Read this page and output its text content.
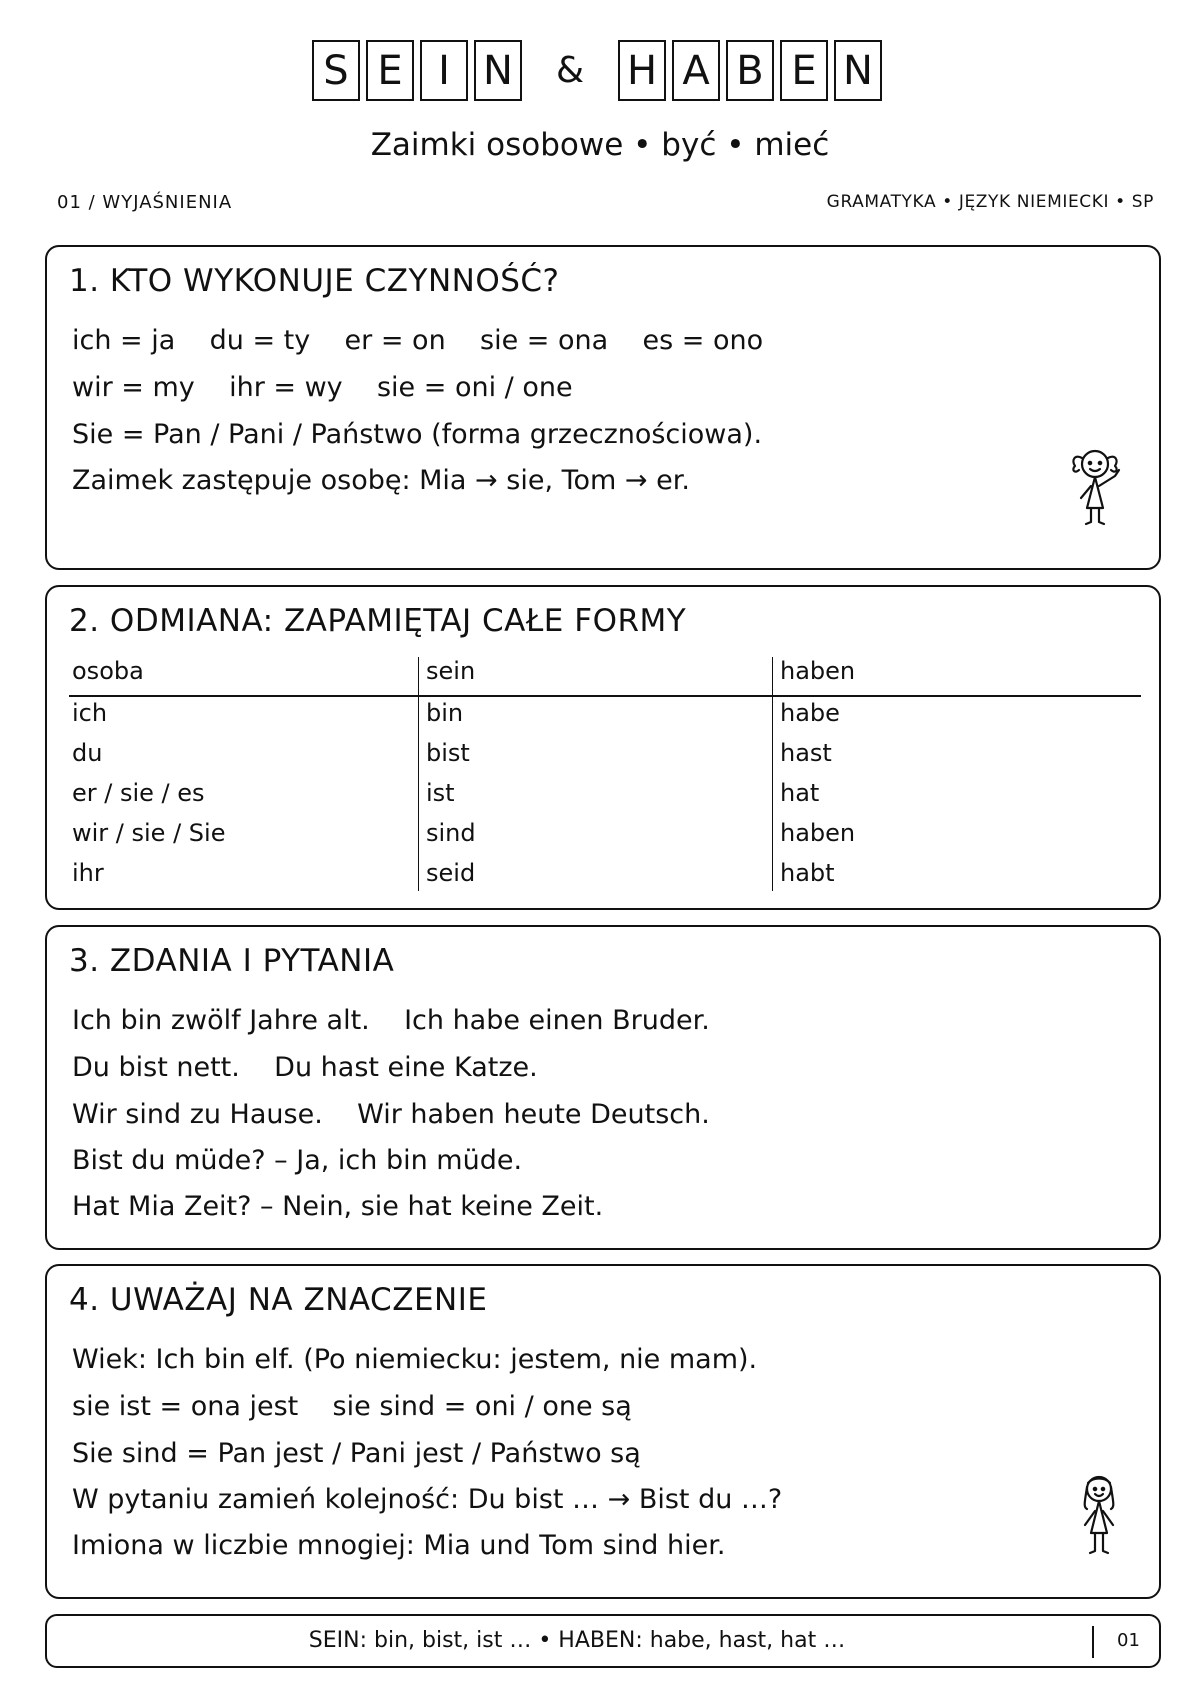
S E I N & H A B E N
Zaimki osobowe • być • mieć
01 / WYJAŚNIENIA	GRAMATYKA • JĘZYK NIEMIECKI • SP
1. KTO WYKONUJE CZYNNOŚĆ?
ich = ja    du = ty    er = on    sie = ona    es = ono
wir = my    ihr = wy    sie = oni / one
Sie = Pan / Pani / Państwo (forma grzecznościowa).
Zaimek zastępuje osobę: Mia → sie, Tom → er.
2. ODMIANA: ZAPAMIĘTAJ CAŁE FORMY
osoba	sein	haben
ich	bin	habe
du	bist	hast
er / sie / es	ist	hat
wir / sie / Sie	sind	haben
ihr	seid	habt
3. ZDANIA I PYTANIA
Ich bin zwölf Jahre alt.    Ich habe einen Bruder.
Du bist nett.    Du hast eine Katze.
Wir sind zu Hause.    Wir haben heute Deutsch.
Bist du müde? – Ja, ich bin müde.
Hat Mia Zeit? – Nein, sie hat keine Zeit.
4. UWAŻAJ NA ZNACZENIE
Wiek: Ich bin elf. (Po niemiecku: jestem, nie mam).
sie ist = ona jest    sie sind = oni / one są
Sie sind = Pan jest / Pani jest / Państwo są
W pytaniu zamień kolejność: Du bist … → Bist du …?
Imiona w liczbie mnogiej: Mia und Tom sind hier.
SEIN: bin, bist, ist … • HABEN: habe, hast, hat …	01
